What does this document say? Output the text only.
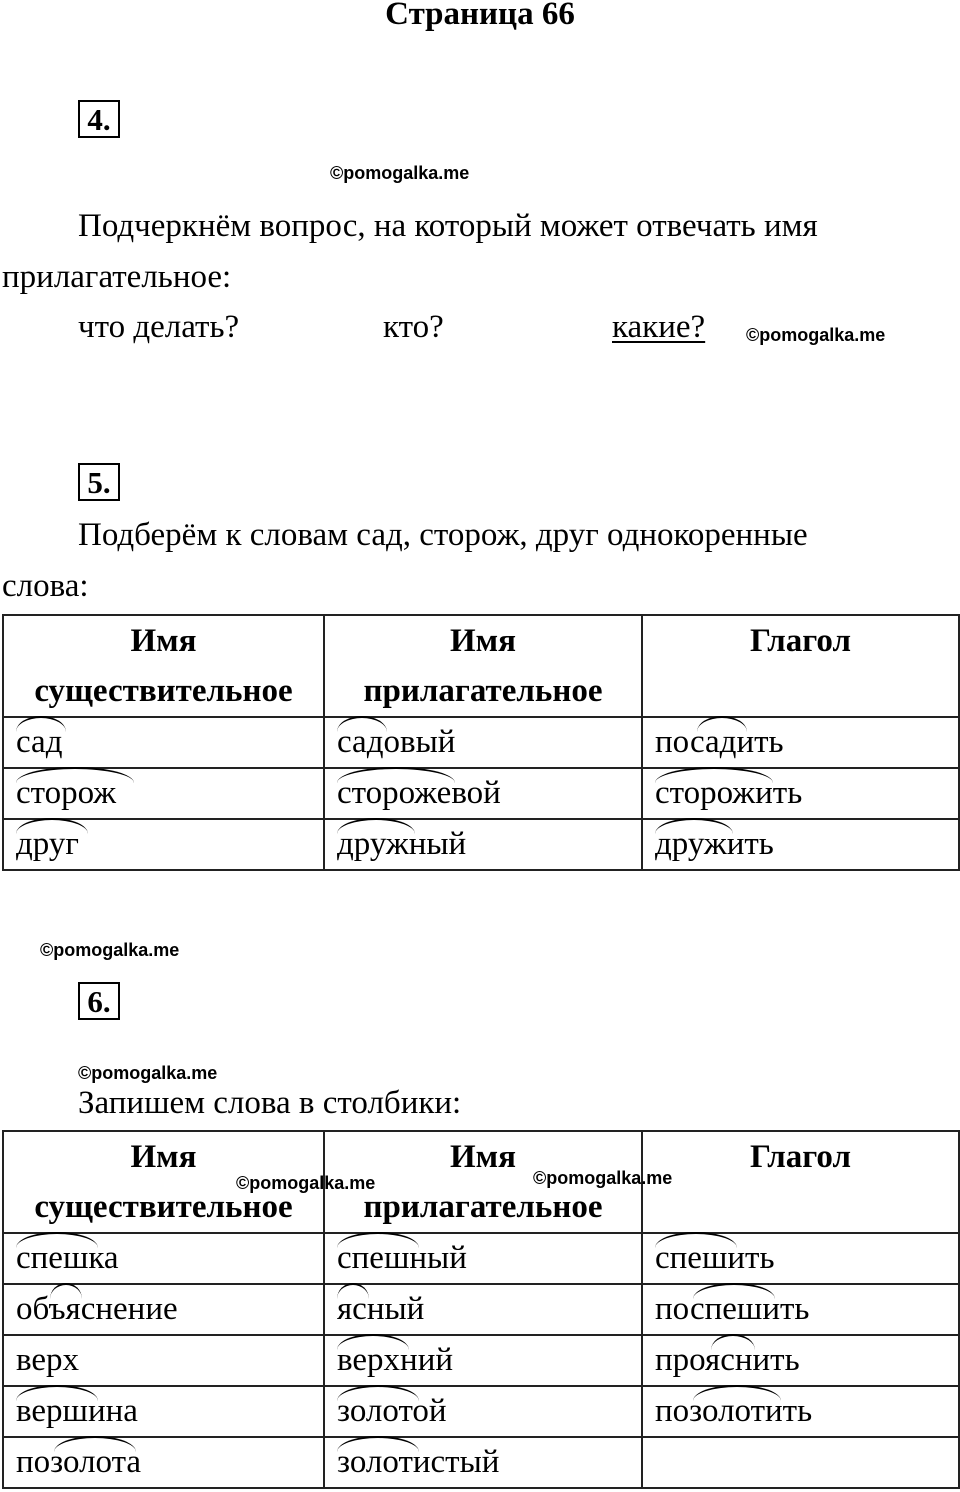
Страница 66
4.
©pomogalka.me
Подчеркнём вопрос, на который может отвечать имя
прилагательное:
что делать?	кто?	какие? ©pomogalka.me
5.
Подберём к словам сад, сторож, друг однокоренные
слова:
Имя
существительное

Имя
прилагательное

Глагол

сад	садовый	посадить

сторож	сторожевой	сторожить

друг	дружный	дружить
©pomogalka.me
6.
©pomogalka.me
Запишем слова в столбики:
Имя
существительное

Имя
прилагательное

Глагол

спешка	спешный	спешить

объяснение	ясный	поспешить
верх	верхний	прояснить

вершина	золотой	позолотить

позолота	золотистый	
©pomogalka.me	©pomogalka.me
